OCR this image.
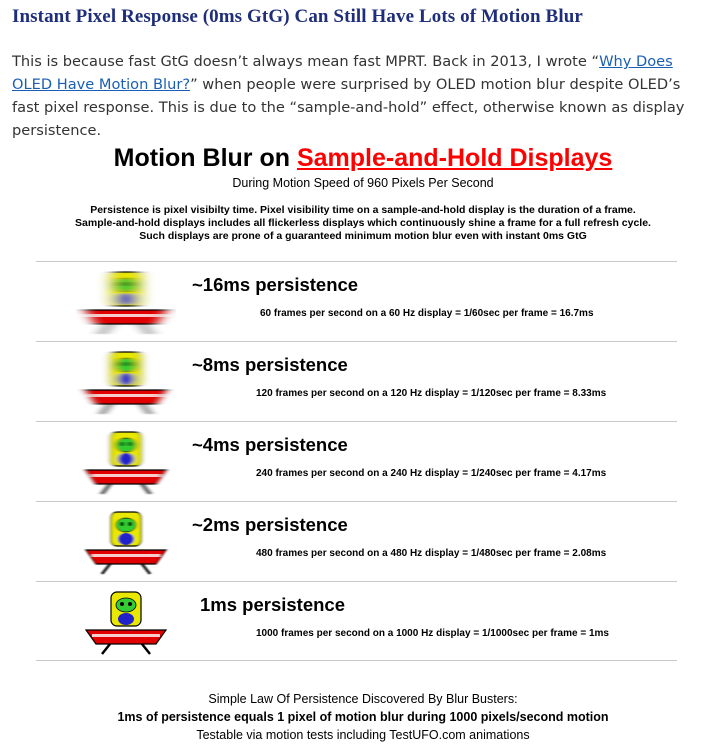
Instant Pixel Response (0ms GtG) Can Still Have Lots of Motion Blur

This is because fast GtG doesn’t always mean fast MPRT. Back in 2013, I wrote “Why Does OLED Have Motion Blur?” when people were surprised by OLED motion blur despite OLED’s fast pixel response. This is due to the “sample-and-hold” effect, otherwise known as display persistence.

Motion Blur on Sample-and-Hold Displays
During Motion Speed of 960 Pixels Per Second
Persistence is pixel visibilty time. Pixel visibility time on a sample-and-hold display is the duration of a frame.
Sample-and-hold displays includes all flickerless displays which continuously shine a frame for a full refresh cycle.
Such displays are prone of a guaranteed minimum motion blur even with instant 0ms GtG
~16ms persistence
60 frames per second on a 60 Hz display = 1/60sec per frame = 16.7ms
~8ms persistence
120 frames per second on a 120 Hz display = 1/120sec per frame = 8.33ms
~4ms persistence
240 frames per second on a 240 Hz display = 1/240sec per frame = 4.17ms
~2ms persistence
480 frames per second on a 480 Hz display = 1/480sec per frame = 2.08ms
1ms persistence
1000 frames per second on a 1000 Hz display = 1/1000sec per frame = 1ms
Simple Law Of Persistence Discovered By Blur Busters:
1ms of persistence equals 1 pixel of motion blur during 1000 pixels/second motion
Testable via motion tests including TestUFO.com animations
